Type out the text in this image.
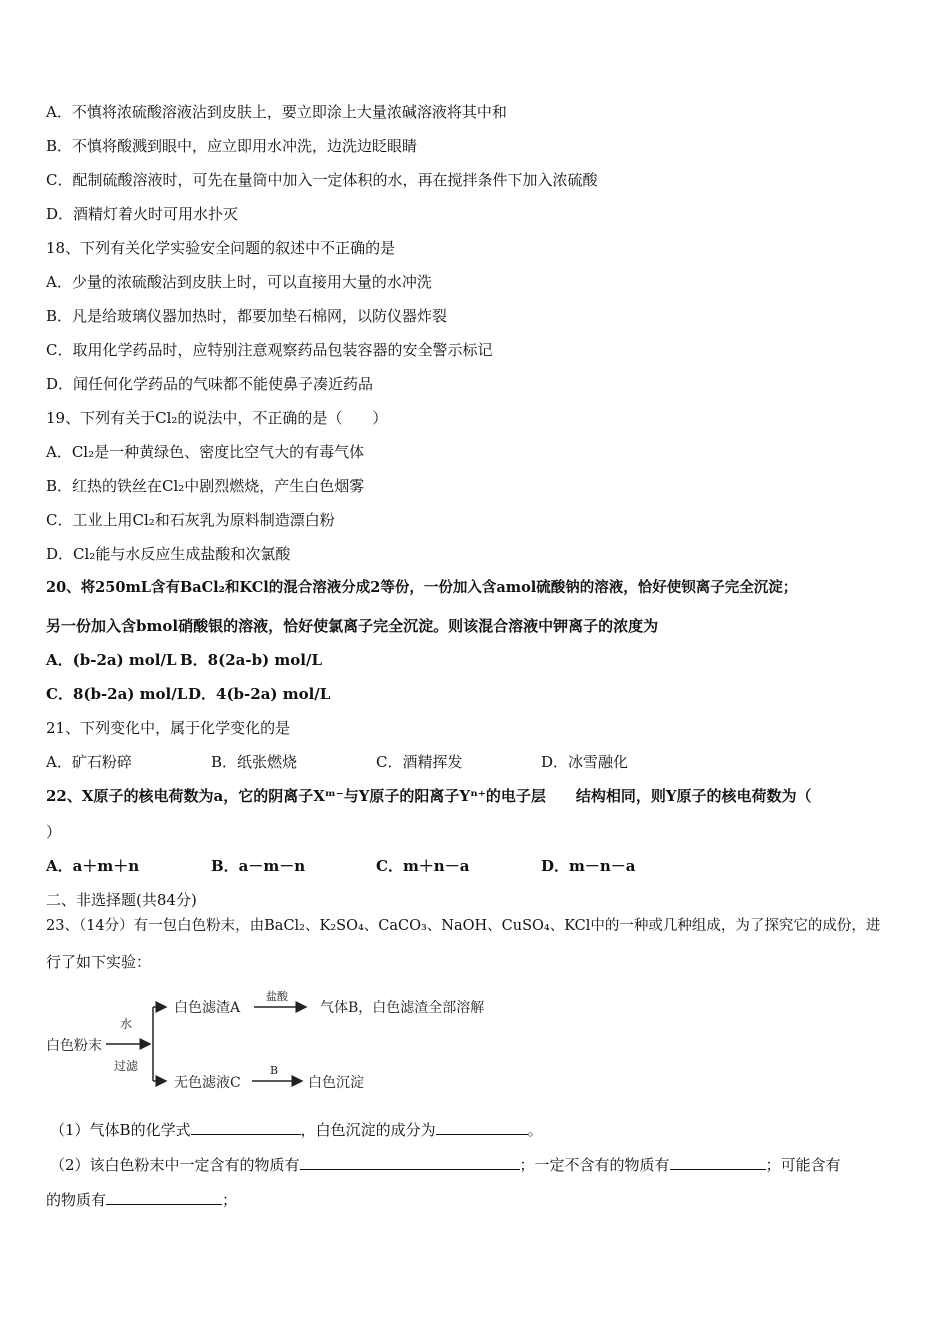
A．不慎将浓硫酸溶液沾到皮肤上，要立即涂上大量浓碱溶液将其中和
B．不慎将酸溅到眼中，应立即用水冲洗，边洗边眨眼睛
C．配制硫酸溶液时，可先在量筒中加入一定体积的水，再在搅拌条件下加入浓硫酸
D．酒精灯着火时可用水扑灭
18、下列有关化学实验安全问题的叙述中不正确的是
A．少量的浓硫酸沾到皮肤上时，可以直接用大量的水冲洗
B．凡是给玻璃仪器加热时，都要加垫石棉网，以防仪器炸裂
C．取用化学药品时，应特别注意观察药品包装容器的安全警示标记
D．闻任何化学药品的气味都不能使鼻子凑近药品
19、下列有关于Cl₂的说法中，不正确的是（　　）
A．Cl₂是一种黄绿色、密度比空气大的有毒气体
B．红热的铁丝在Cl₂中剧烈燃烧，产生白色烟雾
C．工业上用Cl₂和石灰乳为原料制造漂白粉
D．Cl₂能与水反应生成盐酸和次氯酸
20、将250mL含有BaCl₂和KCl的混合溶液分成2等份，一份加入含amol硫酸钠的溶液，恰好使钡离子完全沉淀；
另一份加入含bmol硝酸银的溶液，恰好使氯离子完全沉淀。则该混合溶液中钾离子的浓度为
A．(b-2a) mol/L B．8(2a-b) mol/L
C．8(b-2a) mol/LD．4(b-2a) mol/L
21、下列变化中，属于化学变化的是
A．矿石粉碎	B．纸张燃烧	C．酒精挥发	D．冰雪融化
22、X原子的核电荷数为a，它的阴离子Xᵐ⁻与Y原子的阳离子Yⁿ⁺的电子层　　结构相同，则Y原子的核电荷数为（
）
A．a＋m＋n	B．a－m－n	C．m＋n－a	D．m－n－a
二、非选择题(共84分)
23、（14分）有一包白色粉末，由BaCl₂、K₂SO₄、CaCO₃、NaOH、CuSO₄、KCl中的一种或几种组成，为了探究它的成份，进
行了如下实验：
白色粉末
水
过滤
白色滤渣A
盐酸
气体B，白色滤渣全部溶解
无色滤液C
B
白色沉淀
（1）气体B的化学式	，白色沉淀的成分为	。
（2）该白色粉末中一定含有的物质有	；一定不含有的物质有	；可能含有
的物质有	；
